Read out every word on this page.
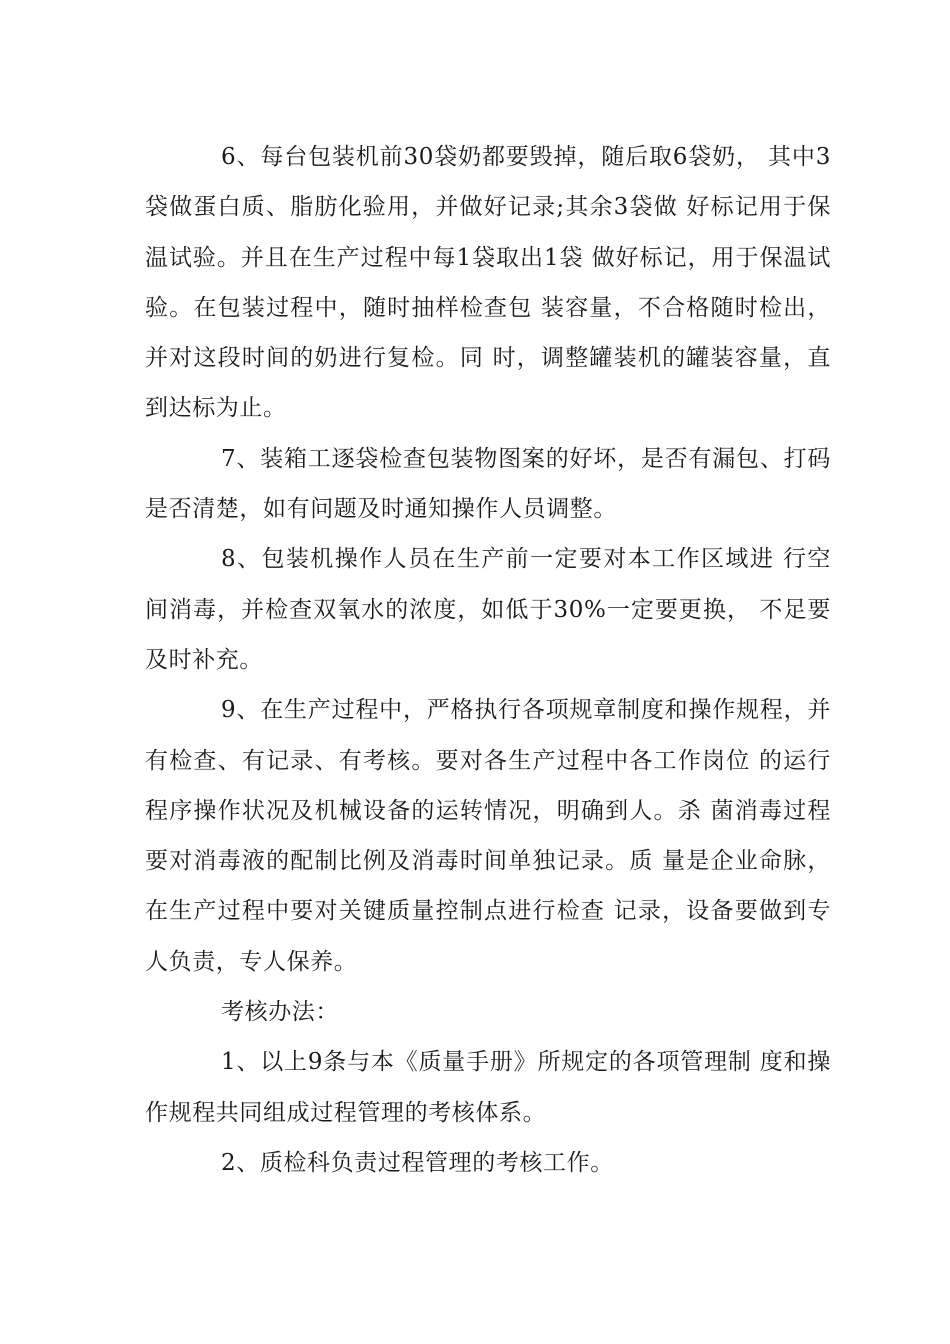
6、每台包装机前30袋奶都要毁掉，随后取6袋奶， 其中3袋做蛋白质、脂肪化验用，并做好记录;其余3袋做 好标记用于保温试验。并且在生产过程中每1袋取出1袋 做好标记，用于保温试验。在包装过程中，随时抽样检查包 装容量，不合格随时检出，并对这段时间的奶进行复检。同 时，调整罐装机的罐装容量，直到达标为止。

7、装箱工逐袋检查包装物图案的好坏，是否有漏包、打码是否清楚，如有问题及时通知操作人员调整。

8、包装机操作人员在生产前一定要对本工作区域进 行空间消毒，并检查双氧水的浓度，如低于30%一定要更换， 不足要及时补充。

9、在生产过程中，严格执行各项规章制度和操作规程，并有检查、有记录、有考核。要对各生产过程中各工作岗位 的运行程序操作状况及机械设备的运转情况，明确到人。杀 菌消毒过程要对消毒液的配制比例及消毒时间单独记录。质 量是企业命脉，在生产过程中要对关键质量控制点进行检查 记录，设备要做到专人负责，专人保养。

考核办法：

1、以上9条与本《质量手册》所规定的各项管理制 度和操作规程共同组成过程管理的考核体系。

2、质检科负责过程管理的考核工作。
